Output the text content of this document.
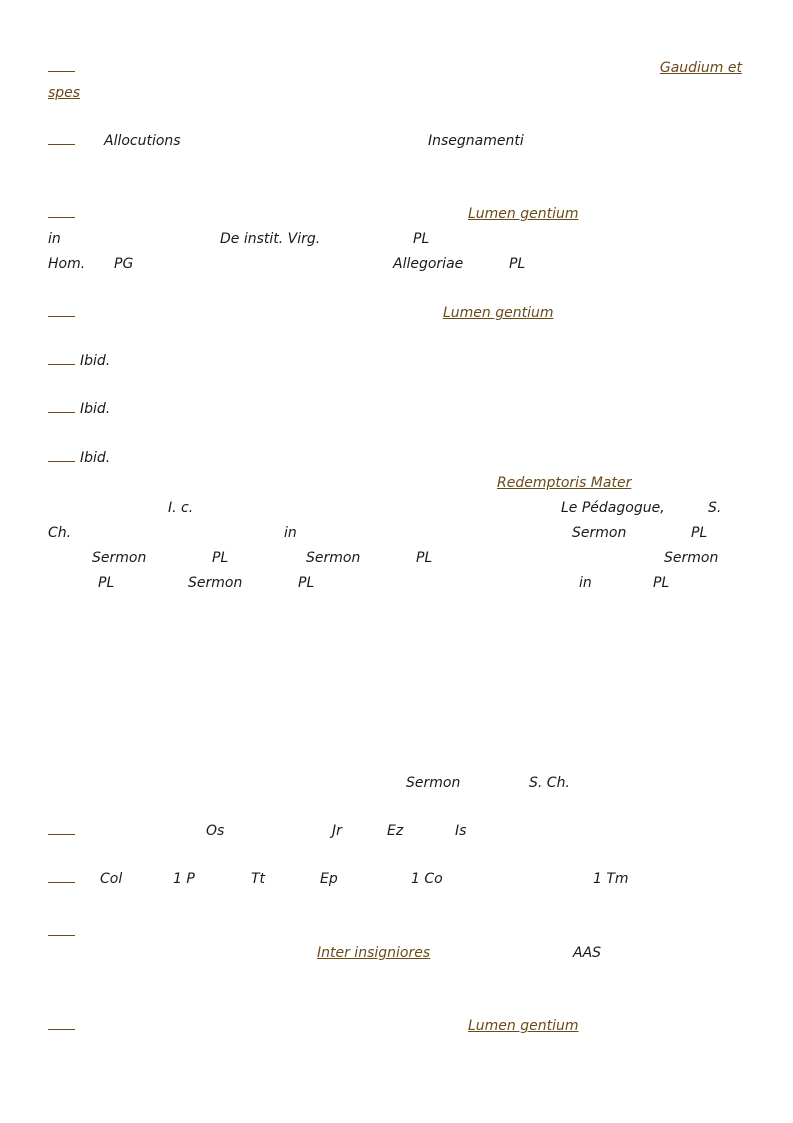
Gaudium et
spes
Allocutions	Insegnamenti
Lumen gentium
in	De instit. Virg.	PL
Hom. PG	Allegoriae	PL
Lumen gentium
Ibid.
Ibid.
Ibid.
Redemptoris Mater
I. c.	Le Pédagogue,	S.
Ch.	in	Sermon	PL
Sermon	PL	Sermon	PL	Sermon
PL	Sermon	PL	in	PL
Sermon	S. Ch.
Os	Jr	Ez	Is
Col	1 P	Tt	Ep	1 Co	1 Tm
Inter insigniores	AAS
Lumen gentium
